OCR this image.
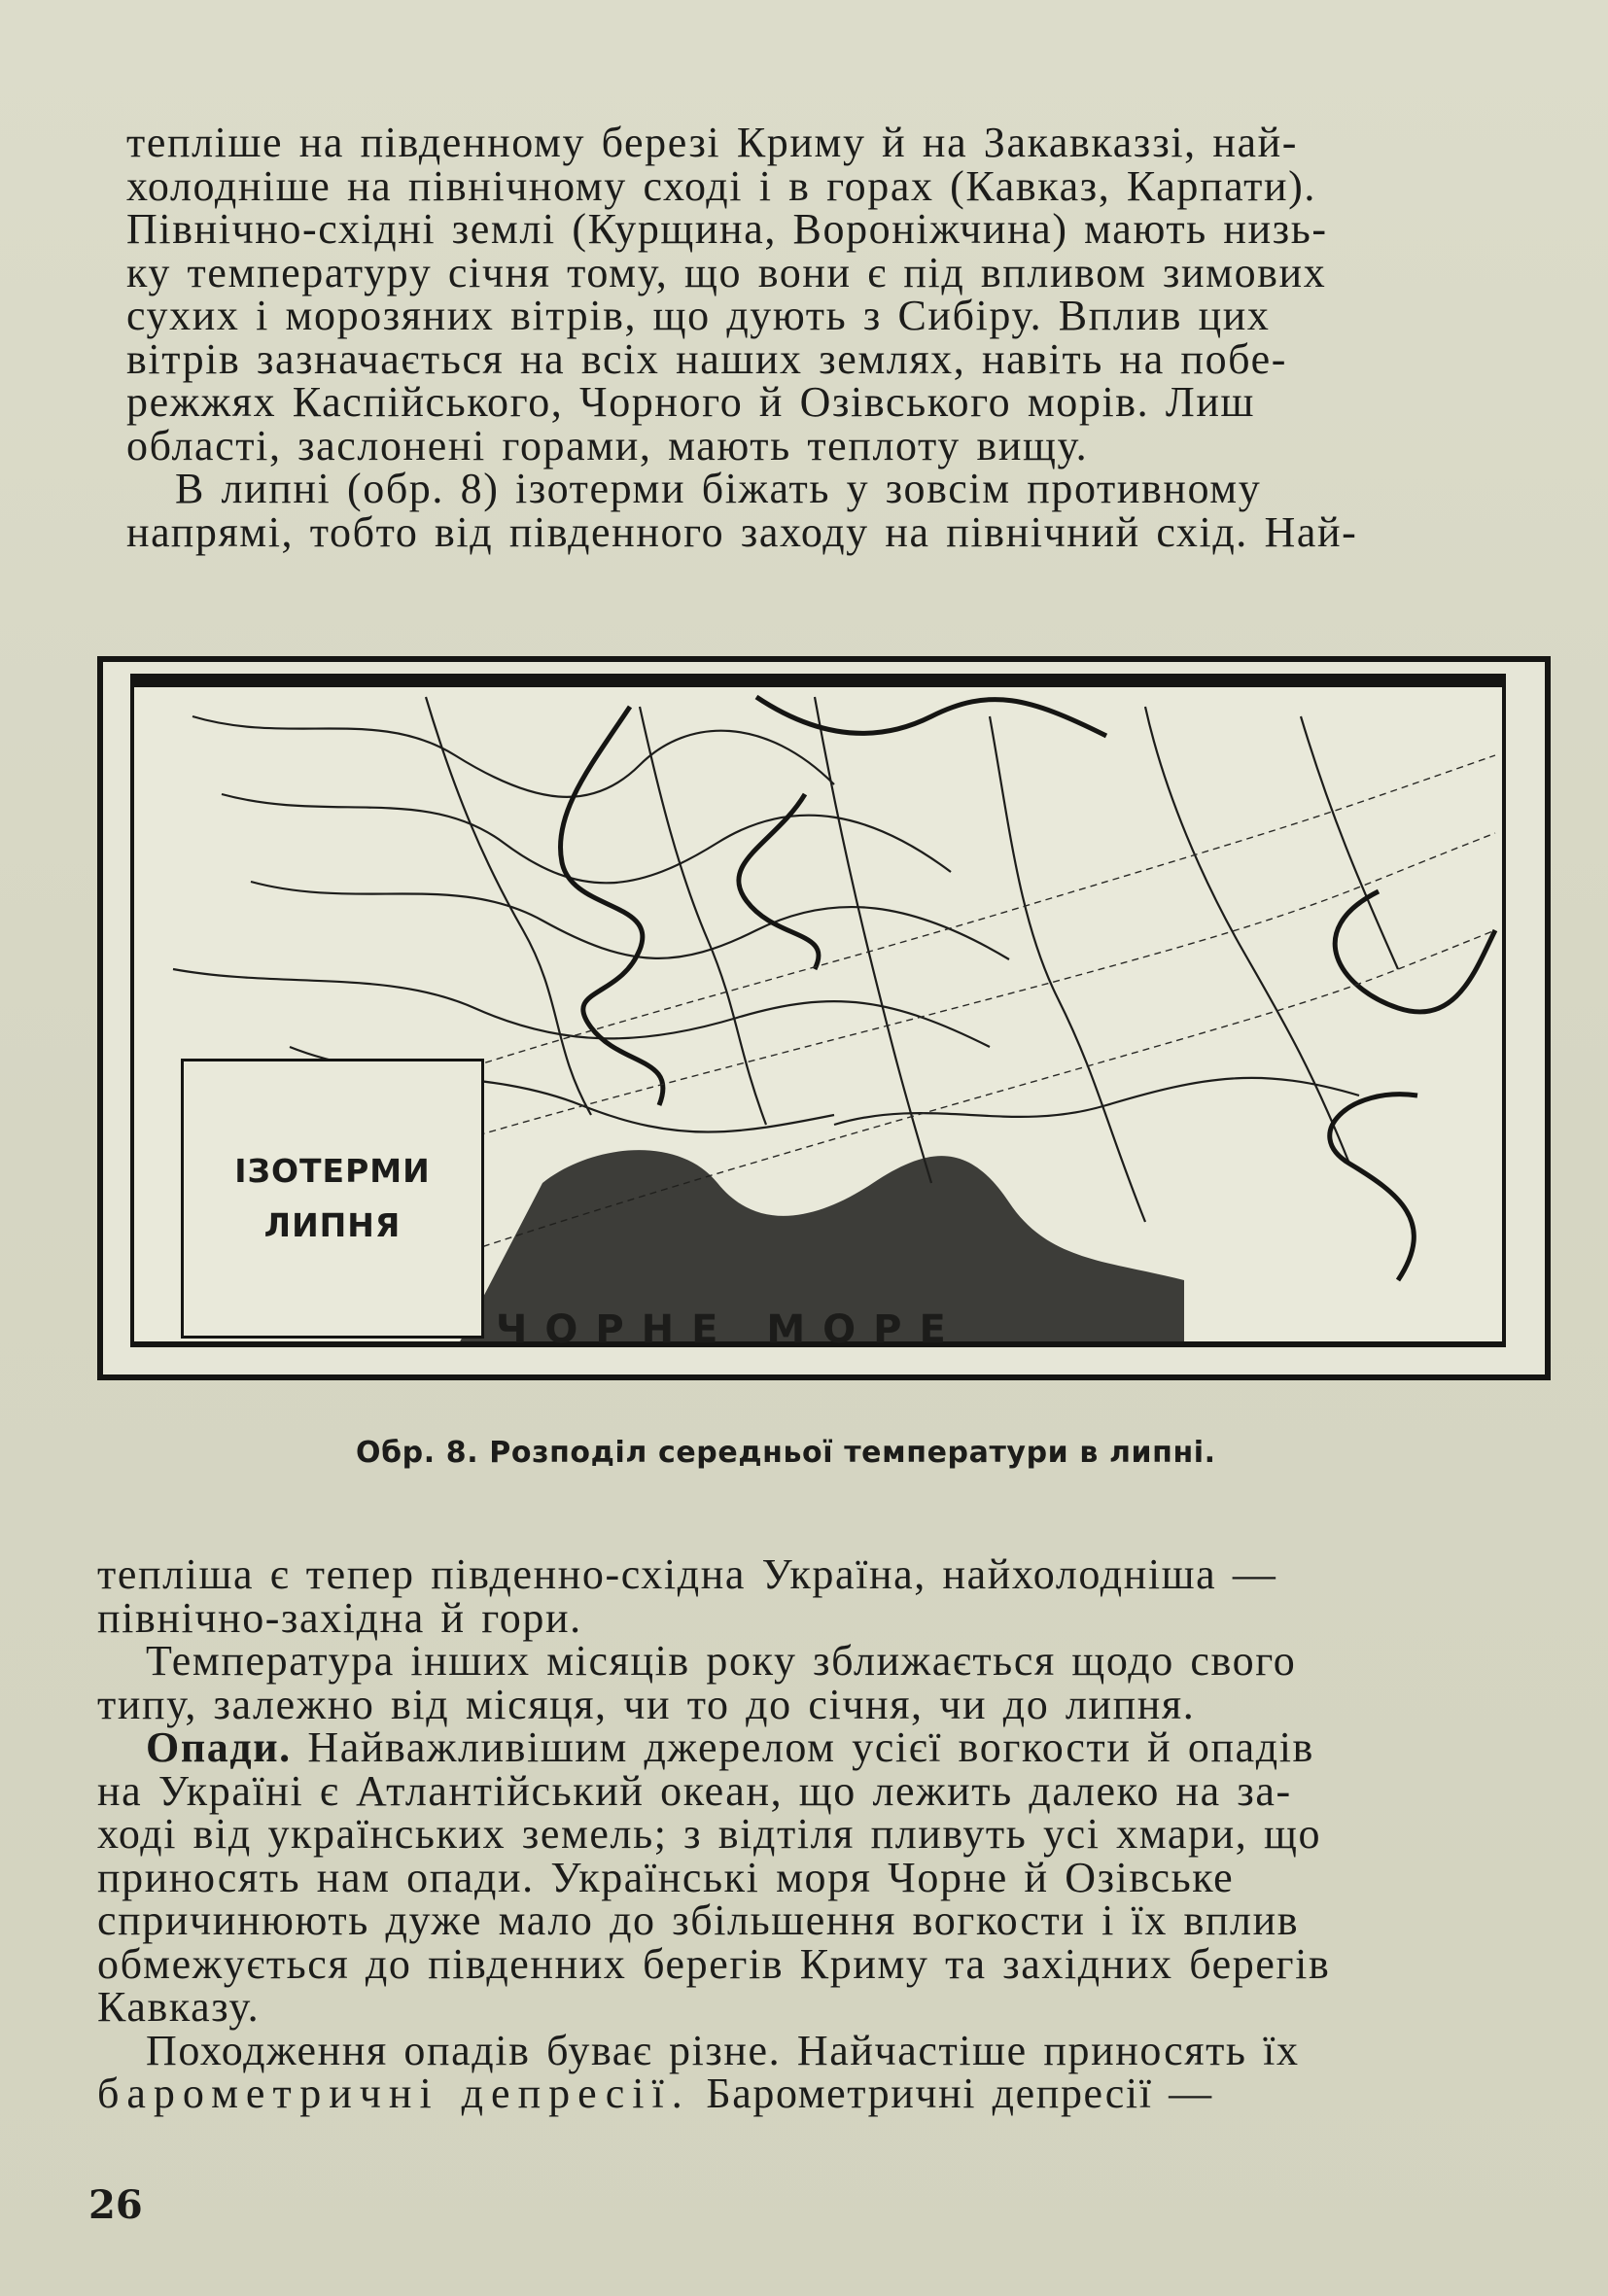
тепліше на південному березі Криму й на Закавказзі, най-
холодніше на північному сході і в горах (Кавказ, Карпати).
Північно-східні землі (Курщина, Вороніжчина) мають низь-
ку температуру січня тому, що вони є під впливом зимових
сухих і морозяних вітрів, що дують з Сибіру. Вплив цих
вітрів зазначається на всіх наших землях, навіть на побе-
режжях Каспійського, Чорного й Озівського морів. Лиш
області, заслонені горами, мають теплоту вищу.
В липні (обр. 8) ізотерми біжать у зовсім противному
напрямі, тобто від південного заходу на північний схід. Най-
ІЗОТЕРМИ
ЛИПНЯ
ЧОРНЕ МОРЕ
Обр. 8. Розподіл середньої температури в липні.
тепліша є тепер південно-східна Україна, найхолодніша —
північно-західна й гори.
Температура інших місяців року зближається щодо свого
типу, залежно від місяця, чи то до січня, чи до липня.
Опади. Найважливішим джерелом усієї вогкости й опадів
на Україні є Атлантійський океан, що лежить далеко на за-
ході від українських земель; з відтіля пливуть усі хмари, що
приносять нам опади. Українські моря Чорне й Озівське
спричинюють дуже мало до збільшення вогкости і їх вплив
обмежується до південних берегів Криму та західних берегів
Кавказу.
Походження опадів буває різне. Найчастіше приносять їх
барометричні депресії. Барометричні депресії —
26
